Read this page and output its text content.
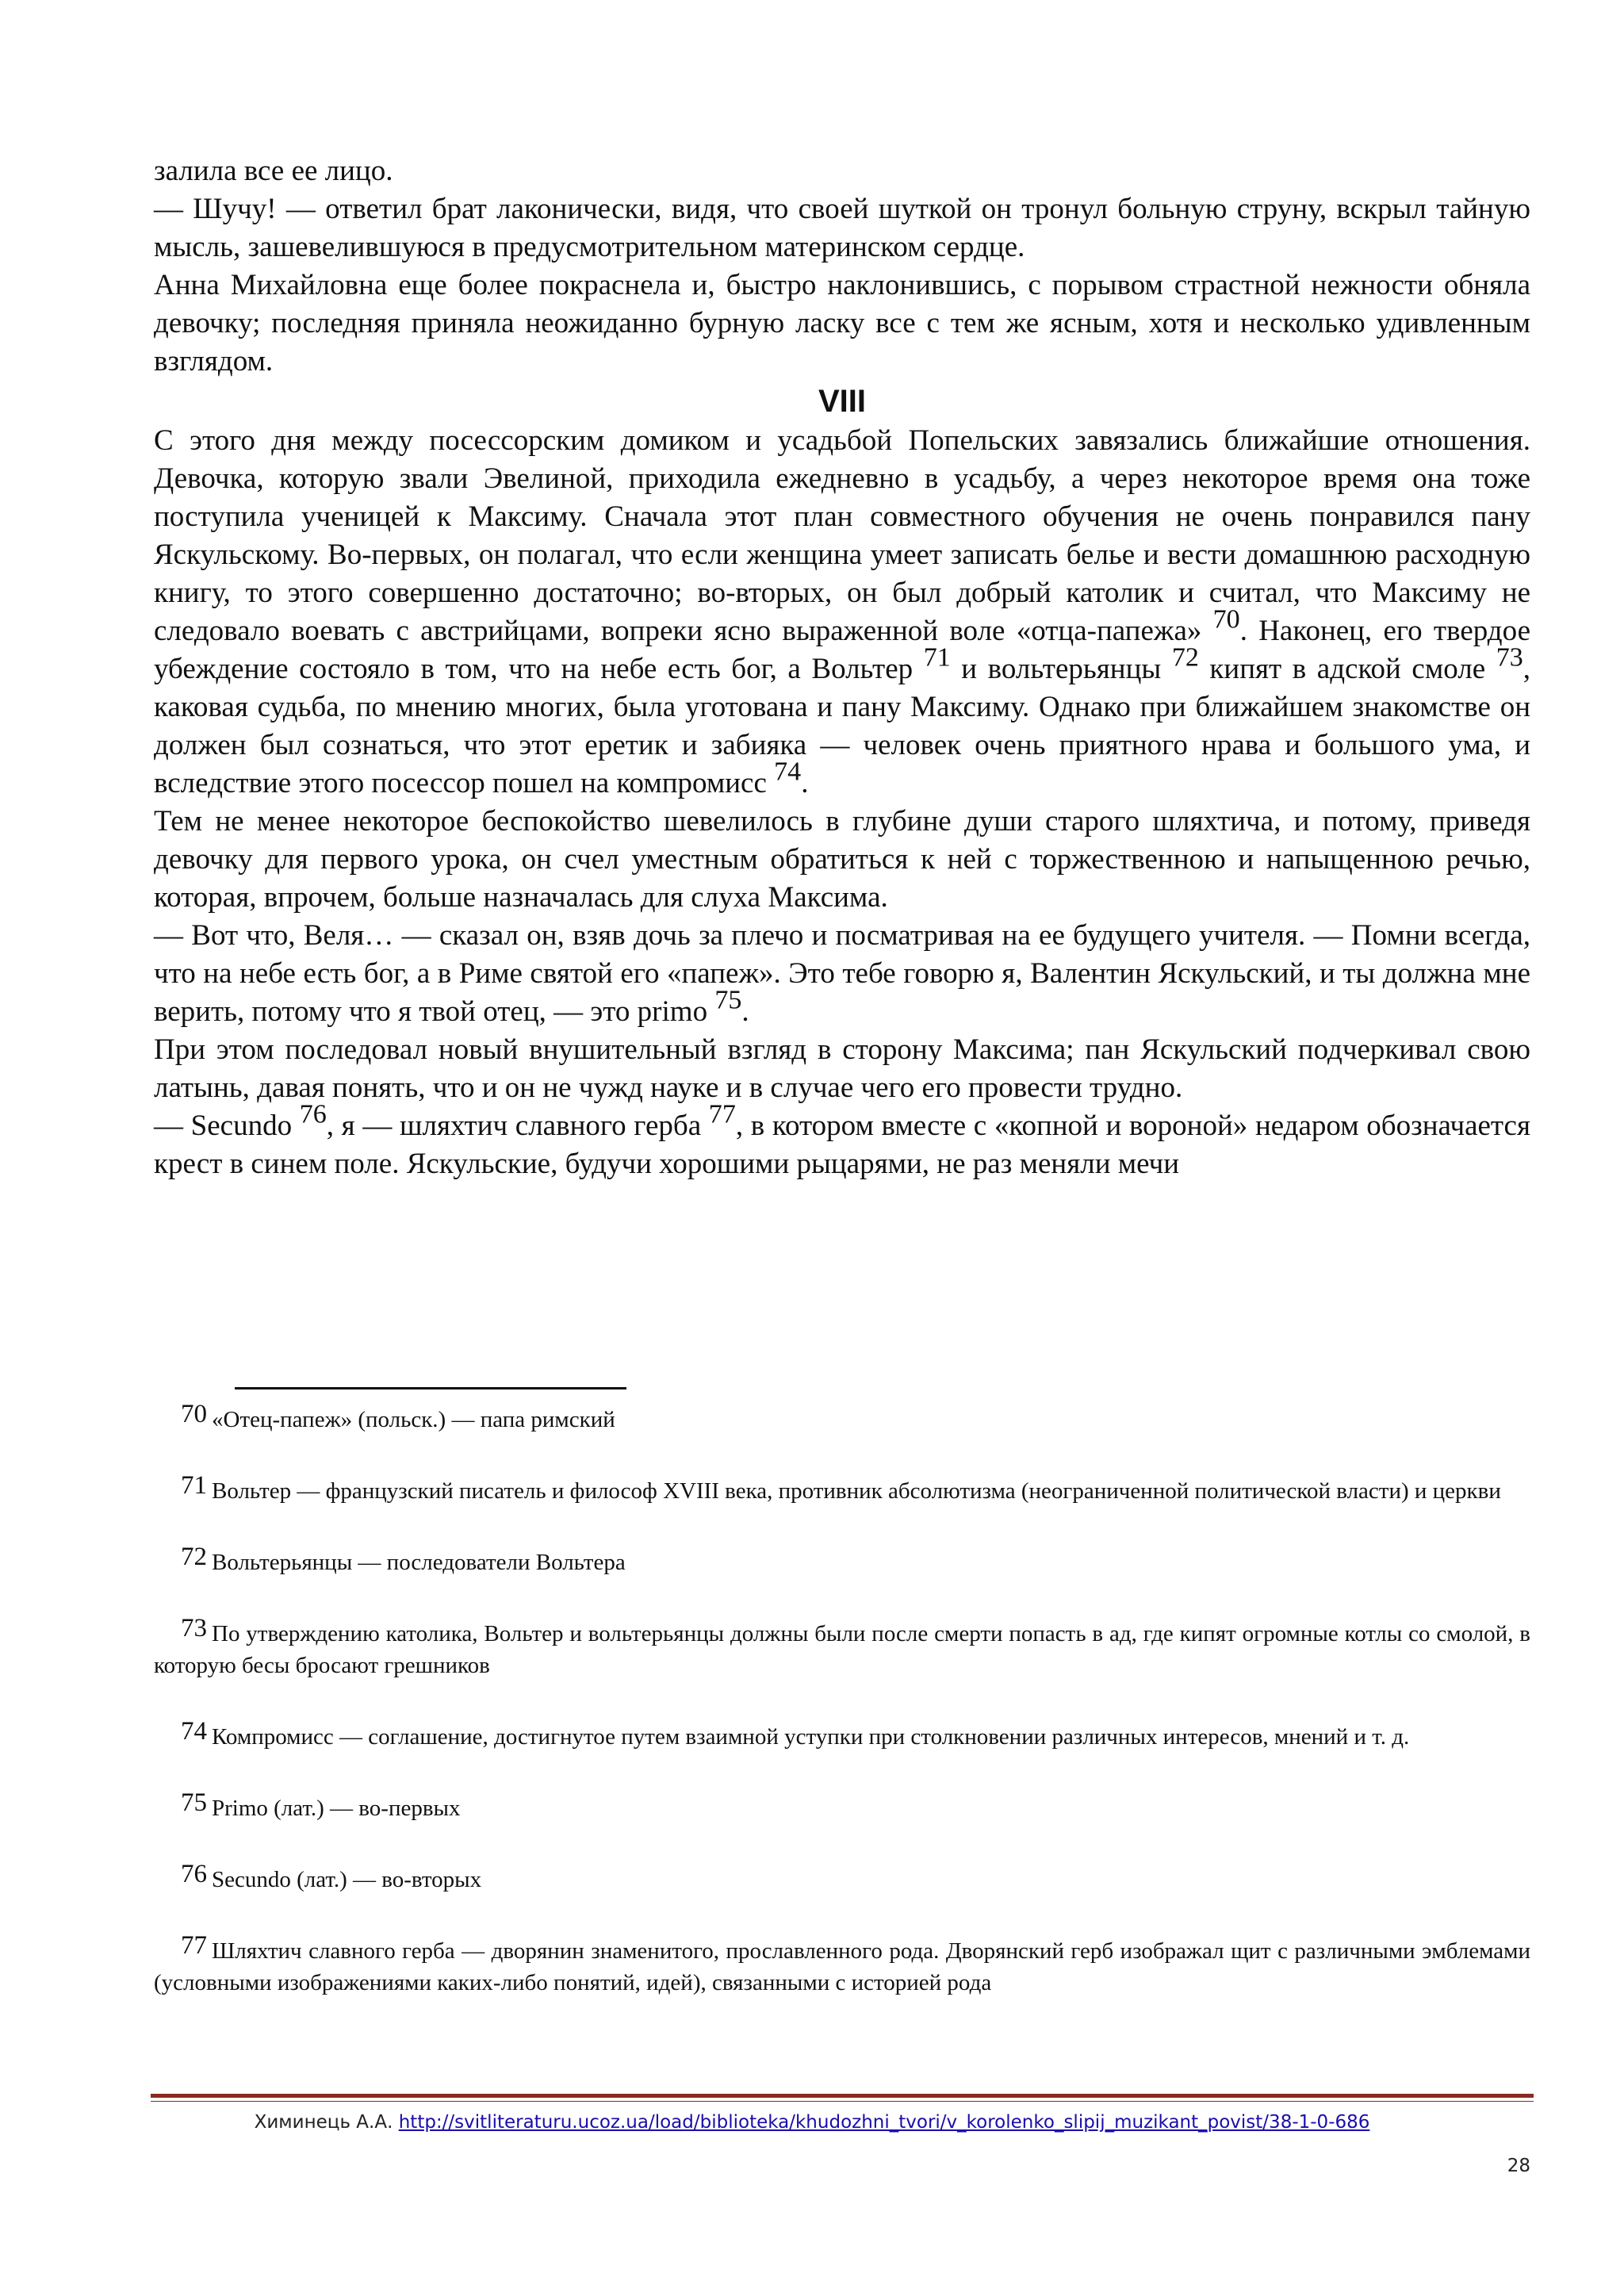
залила все ее лицо.

— Шучу! — ответил брат лаконически, видя, что своей шуткой он тронул больную струну, вскрыл тайную мысль, зашевелившуюся в предусмотрительном материнском сердце.

Анна Михайловна еще более покраснела и, быстро наклонившись, с порывом страстной нежности обняла девочку; последняя приняла неожиданно бурную ласку все с тем же ясным, хотя и несколько удивленным взглядом.

VIII

С этого дня между посессорским домиком и усадьбой Попельских завязались ближайшие отношения. Девочка, которую звали Эвелиной, приходила ежедневно в усадьбу, а через некоторое время она тоже поступила ученицей к Максиму. Сначала этот план совместного обучения не очень понравился пану Яскульскому. Во-первых, он полагал, что если женщина умеет записать белье и вести домашнюю расходную книгу, то этого совершенно достаточно; во-вторых, он был добрый католик и считал, что Максиму не следовало воевать с австрийцами, вопреки ясно выраженной воле «отца-папежа» $^{70}$. Наконец, его твердое убеждение состояло в том, что на небе есть бог, а Вольтер $^{71}$ и вольтерьянцы $^{72}$ кипят в адской смоле $^{73}$, каковая судьба, по мнению многих, была уготована и пану Максиму. Однако при ближайшем знакомстве он должен был сознаться, что этот еретик и забияка — человек очень приятного нрава и большого ума, и вследствие этого посессор пошел на компромисс $^{74}$.

Тем не менее некоторое беспокойство шевелилось в глубине души старого шляхтича, и потому, приведя девочку для первого урока, он счел уместным обратиться к ней с торжественною и напыщенною речью, которая, впрочем, больше назначалась для слуха Максима.

— Вот что, Веля… — сказал он, взяв дочь за плечо и посматривая на ее будущего учителя. — Помни всегда, что на небе есть бог, а в Риме святой его «папеж». Это тебе говорю я, Валентин Яскульский, и ты должна мне верить, потому что я твой отец, — это primo $^{75}$.

При этом последовал новый внушительный взгляд в сторону Максима; пан Яскульский подчеркивал свою латынь, давая понять, что и он не чужд науке и в случае чего его провести трудно.

— Secundo $^{76}$, я — шляхтич славного герба $^{77}$, в котором вместе с «копной и вороной» недаром обозначается крест в синем поле. Яскульские, будучи хорошими рыцарями, не раз меняли мечи

70 «Отец-папеж» (польск.) — папа римский

71 Вольтер — французский писатель и философ XVIII века, противник абсолютизма (неограниченной политической власти) и церкви

72 Вольтерьянцы — последователи Вольтера

73 По утверждению католика, Вольтер и вольтерьянцы должны были после смерти попасть в ад, где кипят огромные котлы со смолой, в которую бесы бросают грешников

74 Компромисс — соглашение, достигнутое путем взаимной уступки при столкновении различных интересов, мнений и т. д.

75 Primo (лат.) — во-первых

76 Secundo (лат.) — во-вторых

77 Шляхтич славного герба — дворянин знаменитого, прославленного рода. Дворянский герб изображал щит с различными эмблемами (условными изображениями каких-либо понятий, идей), связанными с историей рода

Химинець А.А. http://svitliteraturu.ucoz.ua/load/biblioteka/khudozhni_tvori/v_korolenko_slipij_muzikant_povist/38-1-0-686
28
